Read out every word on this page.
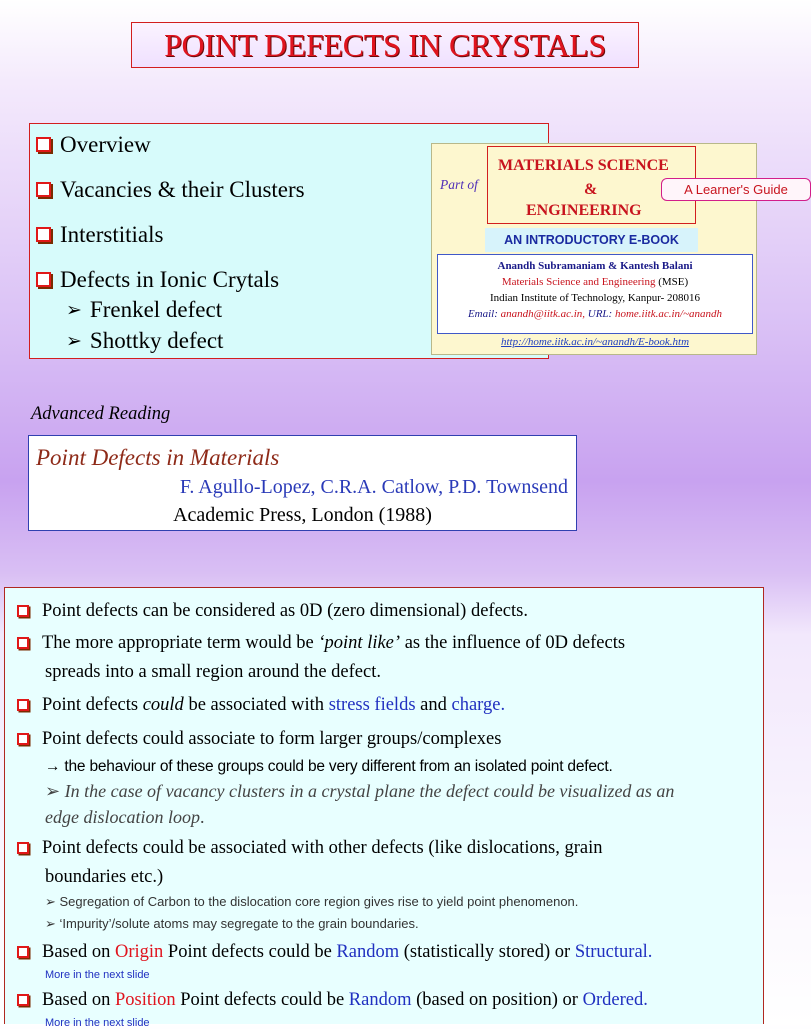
POINT DEFECTS IN CRYSTALS
Overview
Vacancies & their Clusters
Interstitials
Defects in Ionic Crytals
➢ Frenkel defect
➢ Shottky defect
Part of
MATERIALS SCIENCE
&
ENGINEERING
A Learner's Guide
AN INTRODUCTORY E-BOOK
Anandh Subramaniam & Kantesh Balani
Materials Science and Engineering (MSE)
Indian Institute of Technology, Kanpur- 208016
Email: anandh@iitk.ac.in, URL: home.iitk.ac.in/~anandh
http://home.iitk.ac.in/~anandh/E-book.htm
Advanced Reading
Point Defects in Materials
F. Agullo-Lopez, C.R.A. Catlow, P.D. Townsend
Academic Press, London (1988)
Point defects can be considered as 0D (zero dimensional) defects.
The more appropriate term would be ‘point like’ as the influence of 0D defects
spreads into a small region around the defect.
Point defects could be associated with stress fields and charge.
Point defects could associate to form larger groups/complexes
→ the behaviour of these groups could be very different from an isolated point defect.
➢ In the case of vacancy clusters in a crystal plane the defect could be visualized as an
edge dislocation loop.
Point defects could be associated with other defects (like dislocations, grain
boundaries etc.)
➢ Segregation of Carbon to the dislocation core region gives rise to yield point phenomenon.
➢ ‘Impurity’/solute atoms may segregate to the grain boundaries.
Based on Origin Point defects could be Random (statistically stored) or Structural.
More in the next slide
Based on Position Point defects could be Random (based on position) or Ordered.
More in the next slide
